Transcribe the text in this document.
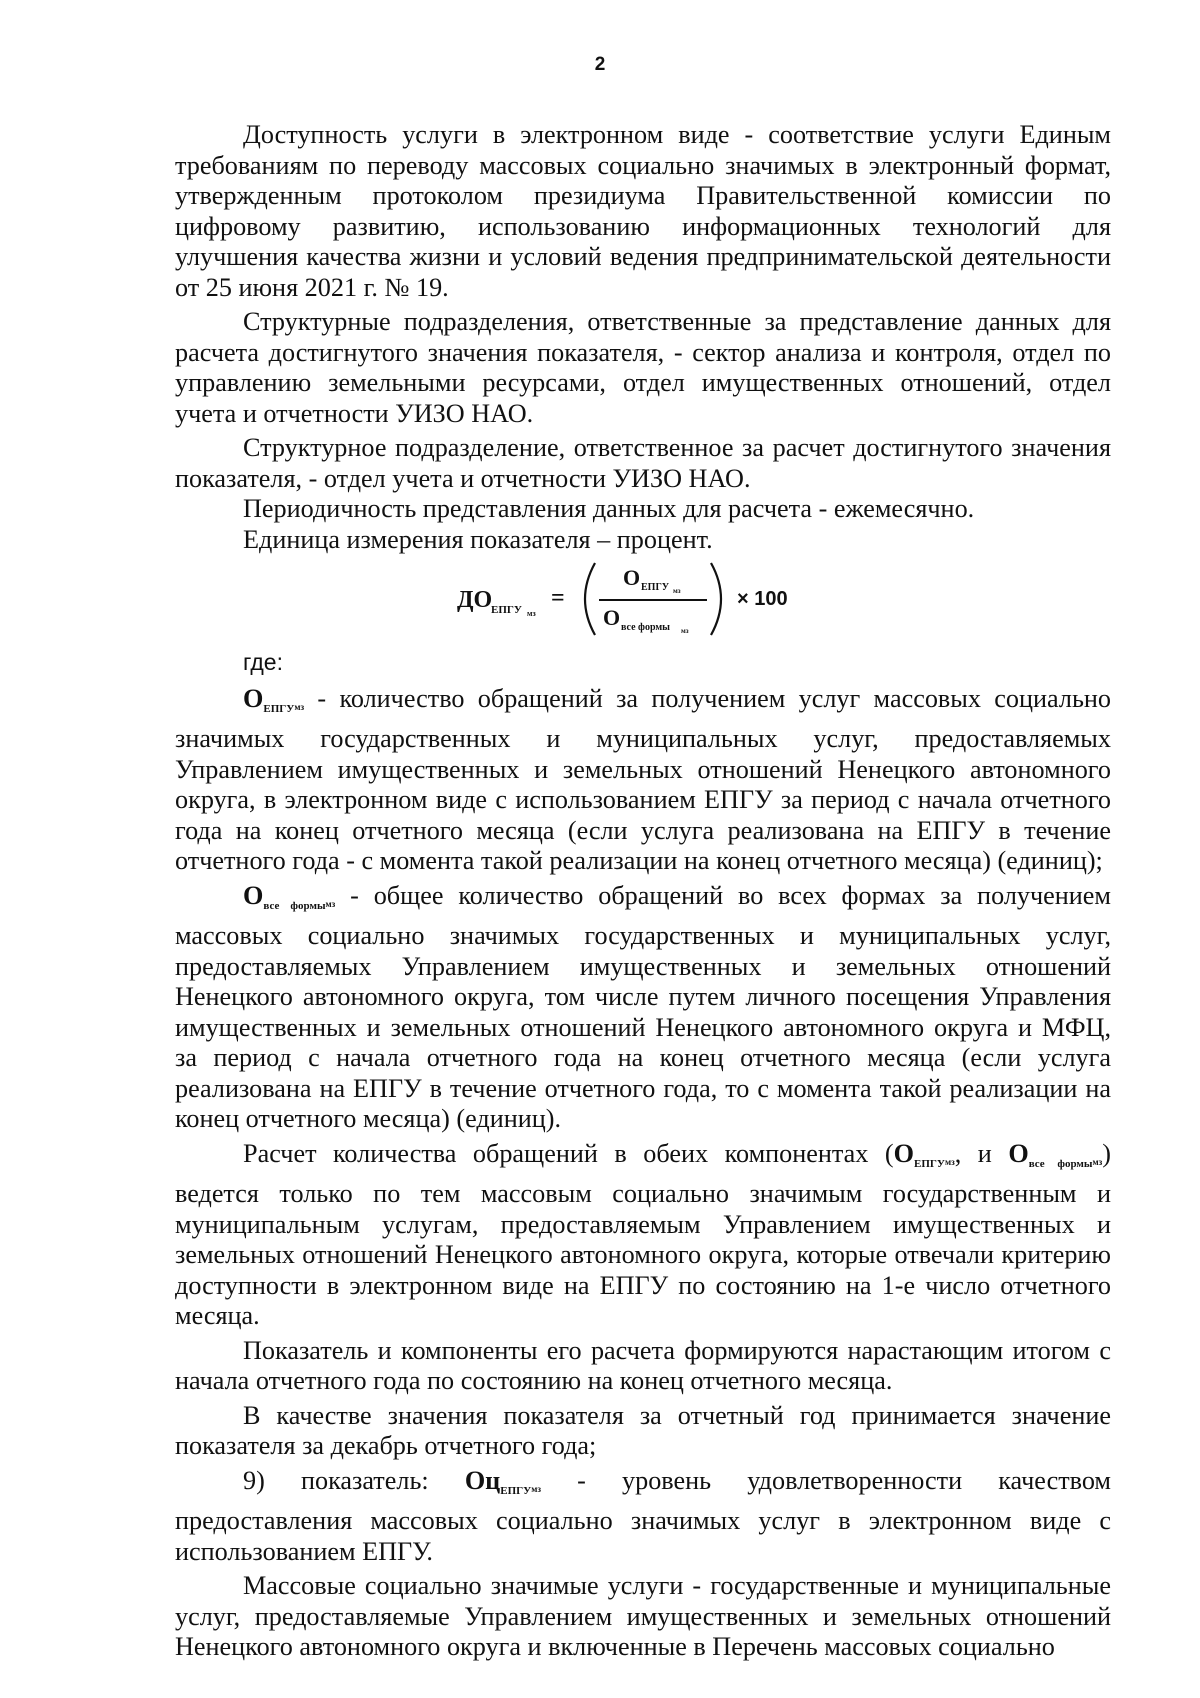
2

Доступность услуги в электронном виде - соответствие услуги Единым требованиям по переводу массовых социально значимых в электронный формат, утвержденным протоколом президиума Правительственной комиссии по цифровому развитию, использованию информационных технологий для улучшения качества жизни и условий ведения предпринимательской деятельности от 25 июня 2021 г. № 19.

Структурные подразделения, ответственные за представление данных для расчета достигнутого значения показателя, - сектор анализа и контроля, отдел по управлению земельными ресурсами, отдел имущественных отношений, отдел учета и отчетности УИЗО НАО.

Структурное подразделение, ответственное за расчет достигнутого значения показателя, - отдел учета и отчетности УИЗО НАО.

Периодичность представления данных для расчета - ежемесячно.

Единица измерения показателя – процент.

ДО
ЕПГУ мз
=
О ЕПГУ мз
О все формы мз
× 100
где:

$О_{ЕПГУ}мз$ - количество обращений за получением услуг массовых социально значимых государственных и муниципальных услуг, предоставляемых Управлением имущественных и земельных отношений Ненецкого автономного округа, в электронном виде с использованием ЕПГУ за период с начала отчетного года на конец отчетного месяца (если услуга реализована на ЕПГУ в течение отчетного года - с момента такой реализации на конец отчетного месяца) (единиц);

$О_{все формы}мз$ - общее количество обращений во всех формах за получением массовых социально значимых государственных и муниципальных услуг, предоставляемых Управлением имущественных и земельных отношений Ненецкого автономного округа, том числе путем личного посещения Управления имущественных и земельных отношений Ненецкого автономного округа и МФЦ, за период с начала отчетного года на конец отчетного месяца (если услуга реализована на ЕПГУ в течение отчетного года, то с момента такой реализации на конец отчетного месяца) (единиц).

Расчет количества обращений в обеих компонентах ($О_{ЕПГУ}мз$, и $О_{все формы}мз$) ведется только по тем массовым социально значимым государственным и муниципальным услугам, предоставляемым Управлением имущественных и земельных отношений Ненецкого автономного округа, которые отвечали критерию доступности в электронном виде на ЕПГУ по состоянию на 1-е число отчетного месяца.

Показатель и компоненты его расчета формируются нарастающим итогом с начала отчетного года по состоянию на конец отчетного месяца.

В качестве значения показателя за отчетный год принимается значение показателя за декабрь отчетного года;

9) показатель: $Оц_{ЕПГУ}мз$ - уровень удовлетворенности качеством предоставления массовых социально значимых услуг в электронном виде с использованием ЕПГУ.

Массовые социально значимые услуги - государственные и муниципальные услуг, предоставляемые Управлением имущественных и земельных отношений Ненецкого автономного округа и включенные в Перечень массовых социально
